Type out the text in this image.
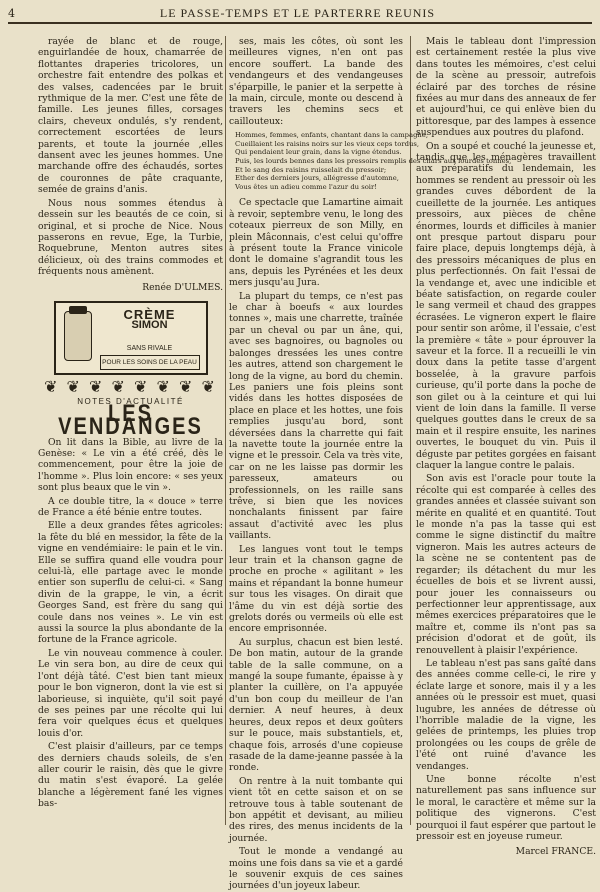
4	LE PASSE-TEMPS ET LE PARTERRE REUNIS

rayée de blanc et de rouge, enguirlandée de houx, chamarrée de flottantes draperies tricolores, un orchestre fait entendre des polkas et des valses, cadencées par le bruit rythmique de la mer. C'est une fête de famille. Les jeunes filles, corsages clairs, cheveux ondulés, s'y rendent, correctement escortées de leurs parents, et toute la journée ,elles dansent avec les jeunes hommes. Une marchande offre des échaudés, sortes de couronnes de pâte craquante, semée de grains d'anis.

Nous nous sommes étendus à dessein sur les beautés de ce coin, si original, et si proche de Nice. Nous passerons en revue, Ege, la Turbie, Roquebrune, Menton autres sites délicieux, où des trains commodes et fréquents nous amènent.

Renée D'ULMES.
CRÈME
SIMON
SANS RIVALE
POUR LES SOINS DE LA PEAU
❦ ❦ ❦ ❦ ❦ ❦ ❦ ❦
NOTES D'ACTUALITÉ
LES VENDANGES

On lit dans la Bible, au livre de la Genèse: « Le vin a été créé, dès le commencement, pour être la joie de l'homme ». Plus loin encore: « ses yeux sont plus beaux que le vin ».

A ce double titre, la « douce » terre de France a été bénie entre toutes.

Elle a deux grandes fêtes agricoles: la fête du blé en messidor, la fête de la vigne en vendémiaire: le pain et le vin. Elle se suffira quand elle voudra pour celui-là, elle partage avec le monde entier son superflu de celui-ci. « Sang divin de la grappe, le vin, a écrit Georges Sand, est frère du sang qui coule dans nos veines ». Le vin est aussi la source la plus abondante de la fortune de la France agricole.

Le vin nouveau commence à couler. Le vin sera bon, au dire de ceux qui l'ont déjà tâté. C'est bien tant mieux pour le bon vigneron, dont la vie est si laborieuse, si inquiète, qu'il soit payé de ses peines par une récolte qui lui fera voir quelques écus et quelques louis d'or.

C'est plaisir d'ailleurs, par ce temps des derniers chauds soleils, de s'en aller courir le raisin, dès que le givre du matin s'est évaporé. La gelée blanche a légèrement fané les vignes bas-

ses, mais les côtes, où sont les meilleures vignes, n'en ont pas encore souffert. La bande des vendangeurs et des vendangeuses s'éparpille, le panier et la serpette à la main, circule, monte ou descend à travers les chemins secs et caillouteux:

Hommes, femmes, enfants, chantant dans la campagne,
Cueillaient les raisins noirs sur les vieux ceps tordus,
Qui pendaient leur grain, dans la vigne étendus.
Puis, les lourds bennes dans les pressoirs remplis des chars aux lourdes tonnes,
Et le sang des raisins ruisselait du pressoir;
Ether des derniers jours, allégresse d'automne,
Vous êtes un adieu comme l'azur du soir!

Ce spectacle que Lamartine aimait à revoir, septembre venu, le long des coteaux pierreux de son Milly, en plein Mâconnais, c'est celui qu'offre à présent toute la France vinicole dont le domaine s'agrandit tous les ans, depuis les Pyrénées et les deux mers jusqu'au Jura.

La plupart du temps, ce n'est pas le char à boeufs « aux lourdes tonnes », mais une charrette, traînée par un cheval ou par un âne, qui, avec ses bagnoires, ou bagnoles ou balonges dressées les unes contre les autres, attend son chargement le long de la vigne, au bord du chemin. Les paniers une fois pleins sont vidés dans les hottes disposées de place en place et les hottes, une fois remplies jusqu'au bord, sont déversées dans la charrette qui fait la navette toute la journée entre la vigne et le pressoir. Cela va très vite, car on ne les laisse pas dormir les paresseux, amateurs ou professionnels, on les raille sans trêve, si bien que les novices nonchalants finissent par faire assaut d'activité avec les plus vaillants.

Les langues vont tout le temps leur train et la chanson gagne de proche en proche « agilitant » les mains et répandant la bonne humeur sur tous les visages. On dirait que l'âme du vin est déjà sortie des grelots dorés ou vermeils où elle est encore emprisonnée.

Au surplus, chacun est bien lesté. De bon matin, autour de la grande table de la salle commune, on a mangé la soupe fumante, épaisse à y planter la cuillère, on l'a appuyée d'un bon coup du meilleur de l'an dernier. A neuf heures, à deux heures, deux repos et deux goûters sur le pouce, mais substantiels, et, chaque fois, arrosés d'une copieuse rasade de la dame-jeanne passée à la ronde.

On rentre à la nuit tombante qui vient tôt en cette saison et on se retrouve tous à table soutenant de bon appétit et devisant, au milieu des rires, des menus incidents de la journée.

Tout le monde a vendangé au moins une fois dans sa vie et a gardé le souvenir exquis de ces saines journées d'un joyeux labeur.

Mais le tableau dont l'impression est certainement restée la plus vive dans toutes les mémoires, c'est celui de la scène au pressoir, autrefois éclairé par des torches de résine fixées au mur dans des anneaux de fer et aujourd'hui, ce qui enlève bien du pittoresque, par des lampes à essence suspendues aux poutres du plafond.

On a soupé et couché la jeunesse et, tandis que les ménagères travaillent aux préparatifs du lendemain, les hommes se rendent au pressoir où les grandes cuves débordent de la cueillette de la journée. Les antiques pressoirs, aux pièces de chêne énormes, lourds et difficiles à manier ont presque partout disparu pour faire place, depuis longtemps déjà, à des pressoirs mécaniques de plus en plus perfectionnés. On fait l'essai de la vendange et, avec une indicible et béate satisfaction, on regarde couler le sang vermeil et chaud des grappes écrasées. Le vigneron expert le flaire pour sentir son arôme, il l'essaie, c'est la première « tâte » pour éprouver la saveur et la force. Il a recueilli le vin doux dans la petite tasse d'argent bosselée, à la gravure parfois curieuse, qu'il porte dans la poche de son gilet ou à la ceinture et qui lui vient de loin dans la famille. Il verse quelques gouttes dans le creux de sa main et il respire ensuite, les narines ouvertes, le bouquet du vin. Puis il déguste par petites gorgées en faisant claquer la langue contre le palais.

Son avis est l'oracle pour toute la récolte qui est comparée à celles des grandes années et classée suivant son mérite en qualité et en quantité. Tout le monde n'a pas la tasse qui est comme le signe distinctif du maître vigneron. Mais les autres acteurs de la scène ne se contentent pas de regarder; ils détachent du mur les écuelles de bois et se livrent aussi, pour jouer les connaisseurs ou perfectionner leur apprentissage, aux mêmes exercices préparatoires que le maître et, comme ils n'ont pas sa précision d'odorat et de goût, ils renouvellent à plaisir l'expérience.

Le tableau n'est pas sans gaîté dans des années comme celle-ci, le rire y éclate large et sonore, mais il y a les années où le pressoir est muet, quasi lugubre, les années de détresse où l'horrible maladie de la vigne, les gelées de printemps, les pluies trop prolongées ou les coups de grêle de l'été ont ruiné d'avance les vendanges.

Une bonne récolte n'est naturellement pas sans influence sur le moral, le caractère et même sur la politique des vignerons. C'est pourquoi il faut espérer que partout le pressoir est en joyeuse rumeur.

Marcel FRANCE.
